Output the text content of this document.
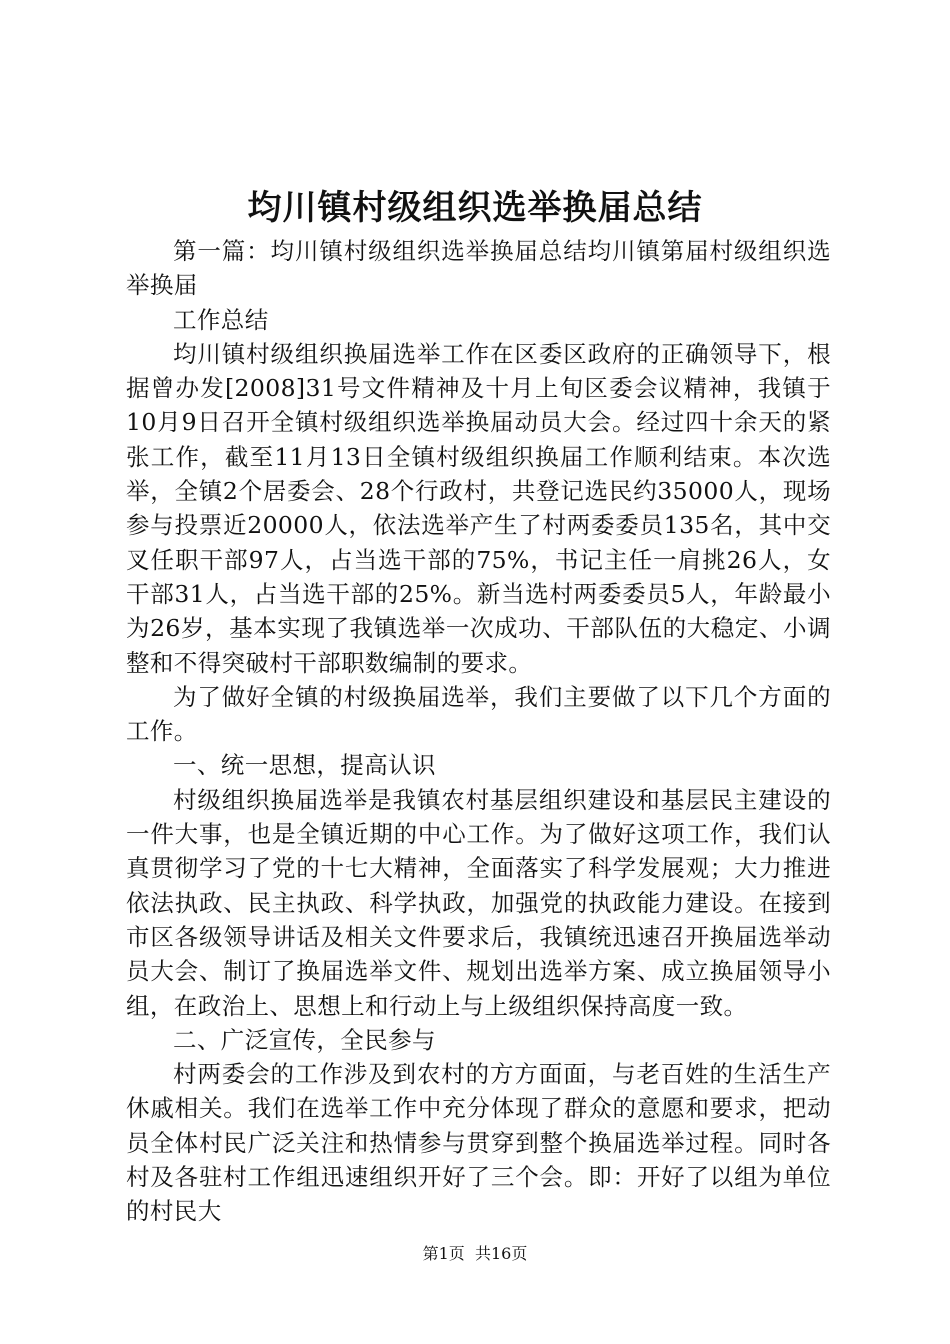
均川镇村级组织选举换届总结

第一篇：均川镇村级组织选举换届总结均川镇第届村级组织选举换届

工作总结

均川镇村级组织换届选举工作在区委区政府的正确领导下，根据曾办发[2008]31号文件精神及十月上旬区委会议精神，我镇于10月9日召开全镇村级组织选举换届动员大会。经过四十余天的紧张工作，截至11月13日全镇村级组织换届工作顺利结束。本次选举，全镇2个居委会、28个行政村，共登记选民约35000人，现场参与投票近20000人，依法选举产生了村两委委员135名，其中交叉任职干部97人，占当选干部的75%，书记主任一肩挑26人，女干部31人，占当选干部的25%。新当选村两委委员5人，年龄最小为26岁，基本实现了我镇选举一次成功、干部队伍的大稳定、小调整和不得突破村干部职数编制的要求。

为了做好全镇的村级换届选举，我们主要做了以下几个方面的工作。

一、统一思想，提高认识

村级组织换届选举是我镇农村基层组织建设和基层民主建设的一件大事，也是全镇近期的中心工作。为了做好这项工作，我们认真贯彻学习了党的十七大精神，全面落实了科学发展观；大力推进依法执政、民主执政、科学执政，加强党的执政能力建设。在接到市区各级领导讲话及相关文件要求后，我镇统迅速召开换届选举动员大会、制订了换届选举文件、规划出选举方案、成立换届领导小组，在政治上、思想上和行动上与上级组织保持高度一致。

二、广泛宣传，全民参与

村两委会的工作涉及到农村的方方面面，与老百姓的生活生产休戚相关。我们在选举工作中充分体现了群众的意愿和要求，把动员全体村民广泛关注和热情参与贯穿到整个换届选举过程。同时各村及各驻村工作组迅速组织开好了三个会。即：开好了以组为单位的村民大

第1页 共16页
